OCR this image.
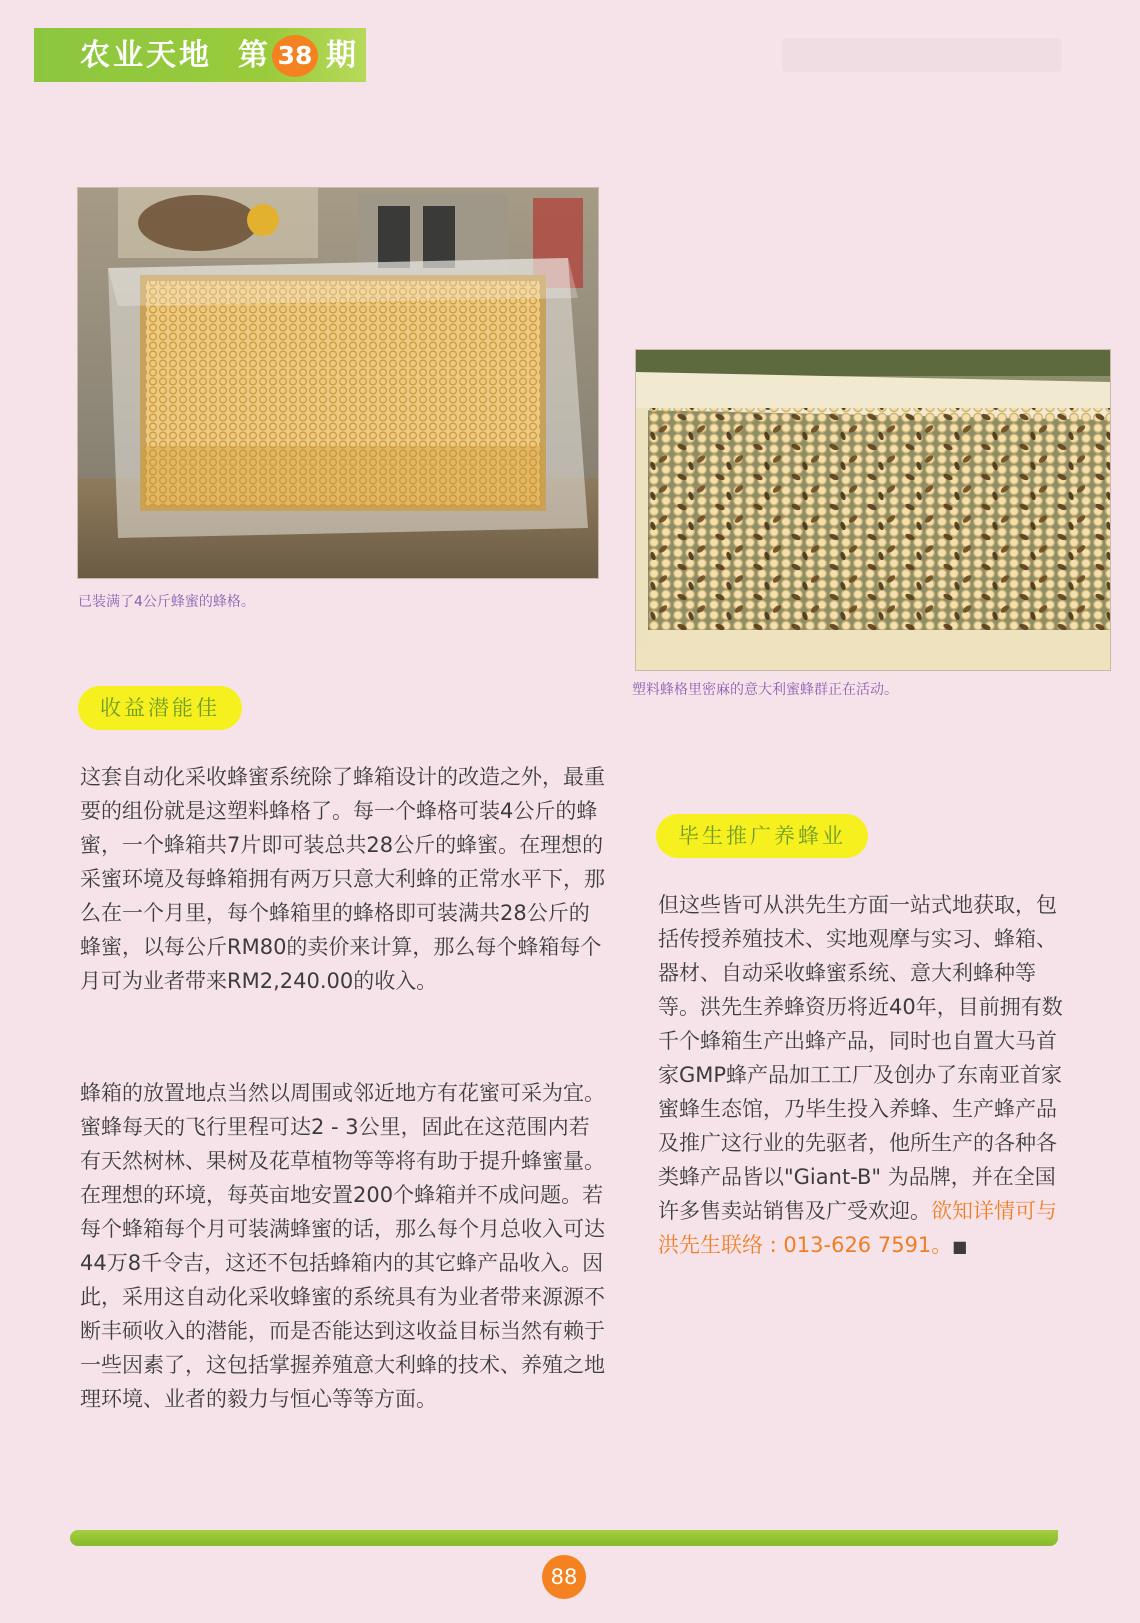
农业天地 第 38 期
已装满了4公斤蜂蜜的蜂格。
塑料蜂格里密麻的意大利蜜蜂群正在活动。
收益潜能佳

这套自动化采收蜂蜜系统除了蜂箱设计的改造之外，最重要的组份就是这塑料蜂格了。每一个蜂格可装4公斤的蜂蜜，一个蜂箱共7片即可装总共28公斤的蜂蜜。在理想的采蜜环境及每蜂箱拥有两万只意大利蜂的正常水平下，那么在一个月里，每个蜂箱里的蜂格即可装满共28公斤的蜂蜜，以每公斤RM80的卖价来计算，那么每个蜂箱每个月可为业者带来RM2,240.00的收入。

蜂箱的放置地点当然以周围或邻近地方有花蜜可采为宜。蜜蜂每天的飞行里程可达2 - 3公里，固此在这范围内若有天然树林、果树及花草植物等等将有助于提升蜂蜜量。在理想的环境，每英亩地安置200个蜂箱并不成问题。若每个蜂箱每个月可装满蜂蜜的话，那么每个月总收入可达44万8千令吉，这还不包括蜂箱内的其它蜂产品收入。因此，采用这自动化采收蜂蜜的系统具有为业者带来源源不断丰硕收入的潜能，而是否能达到这收益目标当然有赖于一些因素了，这包括掌握养殖意大利蜂的技术、养殖之地理环境、业者的毅力与恒心等等方面。

毕生推广养蜂业

但这些皆可从洪先生方面一站式地获取，包括传授养殖技术、实地观摩与实习、蜂箱、器材、自动采收蜂蜜系统、意大利蜂种等等。洪先生养蜂资历将近40年，目前拥有数千个蜂箱生产出蜂产品，同时也自置大马首家GMP蜂产品加工工厂及创办了东南亚首家蜜蜂生态馆，乃毕生投入养蜂、生产蜂产品及推广这行业的先驱者，他所生产的各种各类蜂产品皆以"Giant-B" 为品牌，并在全国许多售卖站销售及广受欢迎。欲知详情可与洪先生联络 : 013-626 7591。■

88
